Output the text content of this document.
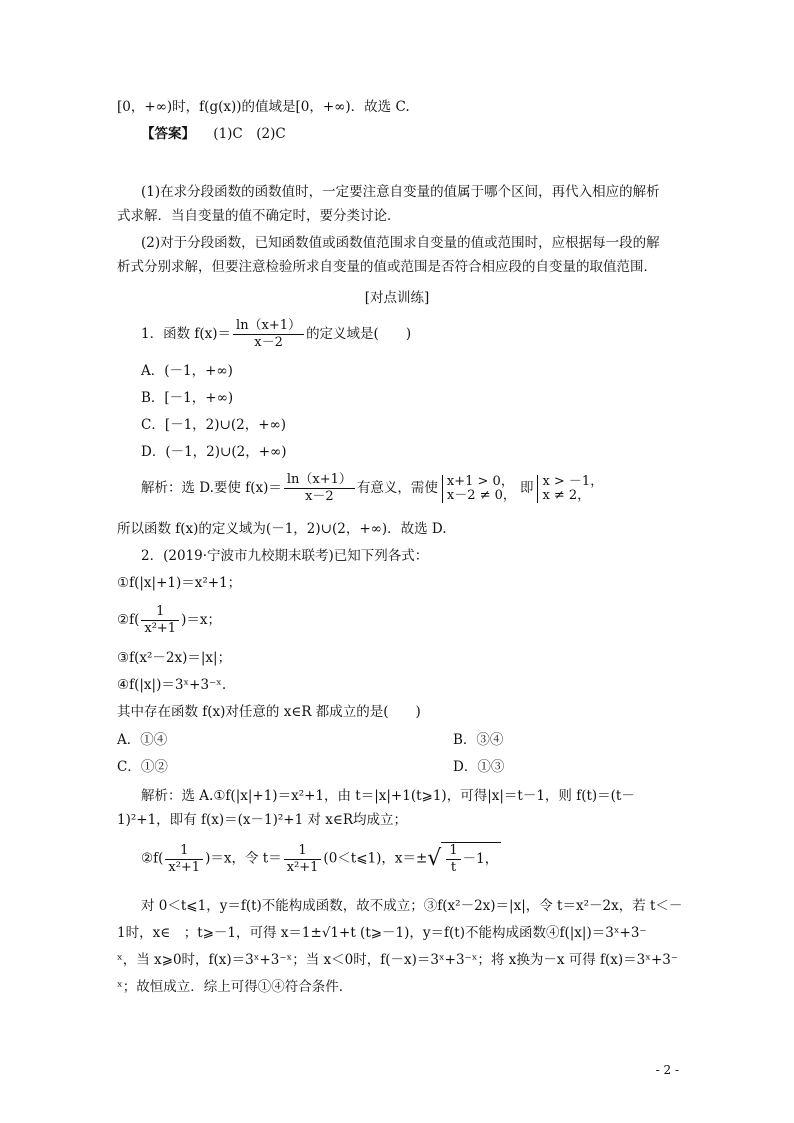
[0，+∞)时，f(g(x))的值域是[0，+∞)．故选 C.
【答案】 (1)C　(2)C
(1)在求分段函数的函数值时，一定要注意自变量的值属于哪个区间，再代入相应的解析
式求解．当自变量的值不确定时，要分类讨论．
(2)对于分段函数，已知函数值或函数值范围求自变量的值或范围时，应根据每一段的解
析式分别求解，但要注意检验所求自变量的值或范围是否符合相应段的自变量的取值范围．
[对点训练]
1．函数 $f(x)= \frac{\ln(x+1)}{x-2}$ 的定义域是(　　)
A．(－1，+∞)
B．[－1，+∞)
C．[－1，2)∪(2，+∞)
D．(－1，2)∪(2，+∞)
解析：选 D.要使 $f(x)= \frac{\ln(x+1)}{x-2}$ 有意义，需使 x+1 > 0，
x－2 ≠ 0， 即 x > －1，
x ≠ 2，
所以函数 f(x)的定义域为(－1，2)∪(2，+∞)．故选 D.
2．(2019·宁波市九校期末联考)已知下列各式：
①f(|x|+1)＝x²+1；
②f( $\frac{1}{\text{x²+1}} )=x$；
③f(x²－2x)＝|x|；
④f(|x|)＝3ˣ+3⁻ˣ.
其中存在函数 f(x)对任意的 x∈R 都成立的是(　　)
A．①④	B．③④
C．①②	D．①③
解析：选 A.①f(|x|+1)＝x²+1，由 t＝|x|+1(t⩾1)，可得|x|＝t－1，则 f(t)＝(t－
1)²+1，即有 f(x)＝(x－1)²+1 对 x∈R均成立；
②f( $\frac{1}{\text{x²+1}} )=x$，令 $t= \frac{1}{\text{x²+1}}$ (0＜t⩽1)，$x=\pm√ \frac{1}{t} -1$，
对 0＜t⩽1，y＝f(t)不能构成函数，故不成立；③f(x²－2x)＝|x|，令 t＝x²－2x，若 t＜－
1时，x∈　；t⩾－1，可得 x＝1±√1+t (t⩾－1)，y＝f(t)不能构成函数④f(|x|)＝3ˣ+3⁻
ˣ，当 x⩾0时，f(x)＝3ˣ+3⁻ˣ；当 x＜0时，f(－x)＝3ˣ+3⁻ˣ；将 x换为－x 可得 f(x)＝3ˣ+3⁻
ˣ；故恒成立．综上可得①④符合条件．
- 2 -
